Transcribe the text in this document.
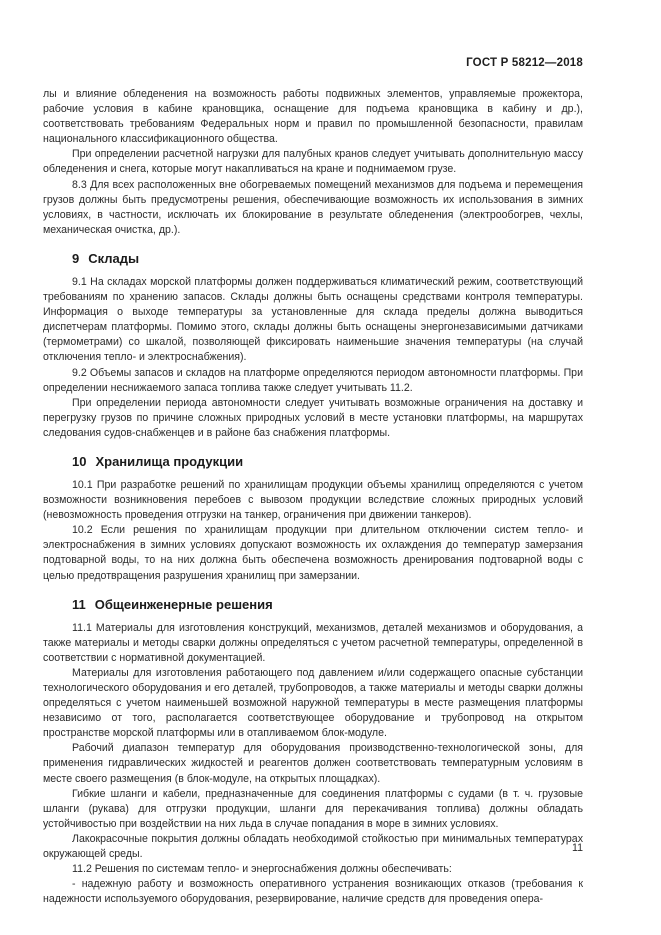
ГОСТ Р 58212—2018

лы и влияние обледенения на возможность работы подвижных элементов, управляемые прожектора, рабочие условия в кабине крановщика, оснащение для подъема крановщика в кабину и др.), соответствовать требованиям Федеральных норм и правил по промышленной безопасности, правилам национального классификационного общества.

При определении расчетной нагрузки для палубных кранов следует учитывать дополнительную массу обледенения и снега, которые могут накапливаться на кране и поднимаемом грузе.

8.3 Для всех расположенных вне обогреваемых помещений механизмов для подъема и перемещения грузов должны быть предусмотрены решения, обеспечивающие возможность их использования в зимних условиях, в частности, исключать их блокирование в результате обледенения (электрообогрев, чехлы, механическая очистка, др.).

9 Склады

9.1 На складах морской платформы должен поддерживаться климатический режим, соответствующий требованиям по хранению запасов. Склады должны быть оснащены средствами контроля температуры. Информация о выходе температуры за установленные для склада пределы должна выводиться диспетчерам платформы. Помимо этого, склады должны быть оснащены энергонезависимыми датчиками (термометрами) со шкалой, позволяющей фиксировать наименьшие значения температуры (на случай отключения тепло- и электроснабжения).

9.2 Объемы запасов и складов на платформе определяются периодом автономности платформы. При определении неснижаемого запаса топлива также следует учитывать 11.2.

При определении периода автономности следует учитывать возможные ограничения на доставку и перегрузку грузов по причине сложных природных условий в месте установки платформы, на маршрутах следования судов-снабженцев и в районе баз снабжения платформы.

10 Хранилища продукции

10.1 При разработке решений по хранилищам продукции объемы хранилищ определяются с учетом возможности возникновения перебоев с вывозом продукции вследствие сложных природных условий (невозможность проведения отгрузки на танкер, ограничения при движении танкеров).

10.2 Если решения по хранилищам продукции при длительном отключении систем тепло- и электроснабжения в зимних условиях допускают возможность их охлаждения до температур замерзания подтоварной воды, то на них должна быть обеспечена возможность дренирования подтоварной воды с целью предотвращения разрушения хранилищ при замерзании.

11 Общеинженерные решения

11.1 Материалы для изготовления конструкций, механизмов, деталей механизмов и оборудования, а также материалы и методы сварки должны определяться с учетом расчетной температуры, определенной в соответствии с нормативной документацией.

Материалы для изготовления работающего под давлением и/или содержащего опасные субстанции технологического оборудования и его деталей, трубопроводов, а также материалы и методы сварки должны определяться с учетом наименьшей возможной наружной температуры в месте размещения платформы независимо от того, располагается соответствующее оборудование и трубопровод на открытом пространстве морской платформы или в отапливаемом блок-модуле.

Рабочий диапазон температур для оборудования производственно-технологической зоны, для применения гидравлических жидкостей и реагентов должен соответствовать температурным условиям в месте своего размещения (в блок-модуле, на открытых площадках).

Гибкие шланги и кабели, предназначенные для соединения платформы с судами (в т. ч. грузовые шланги (рукава) для отгрузки продукции, шланги для перекачивания топлива) должны обладать устойчивостью при воздействии на них льда в случае попадания в море в зимних условиях.

Лакокрасочные покрытия должны обладать необходимой стойкостью при минимальных температурах окружающей среды.

11.2 Решения по системам тепло- и энергоснабжения должны обеспечивать:

- надежную работу и возможность оперативного устранения возникающих отказов (требования к надежности используемого оборудования, резервирование, наличие средств для проведения опера-

11
